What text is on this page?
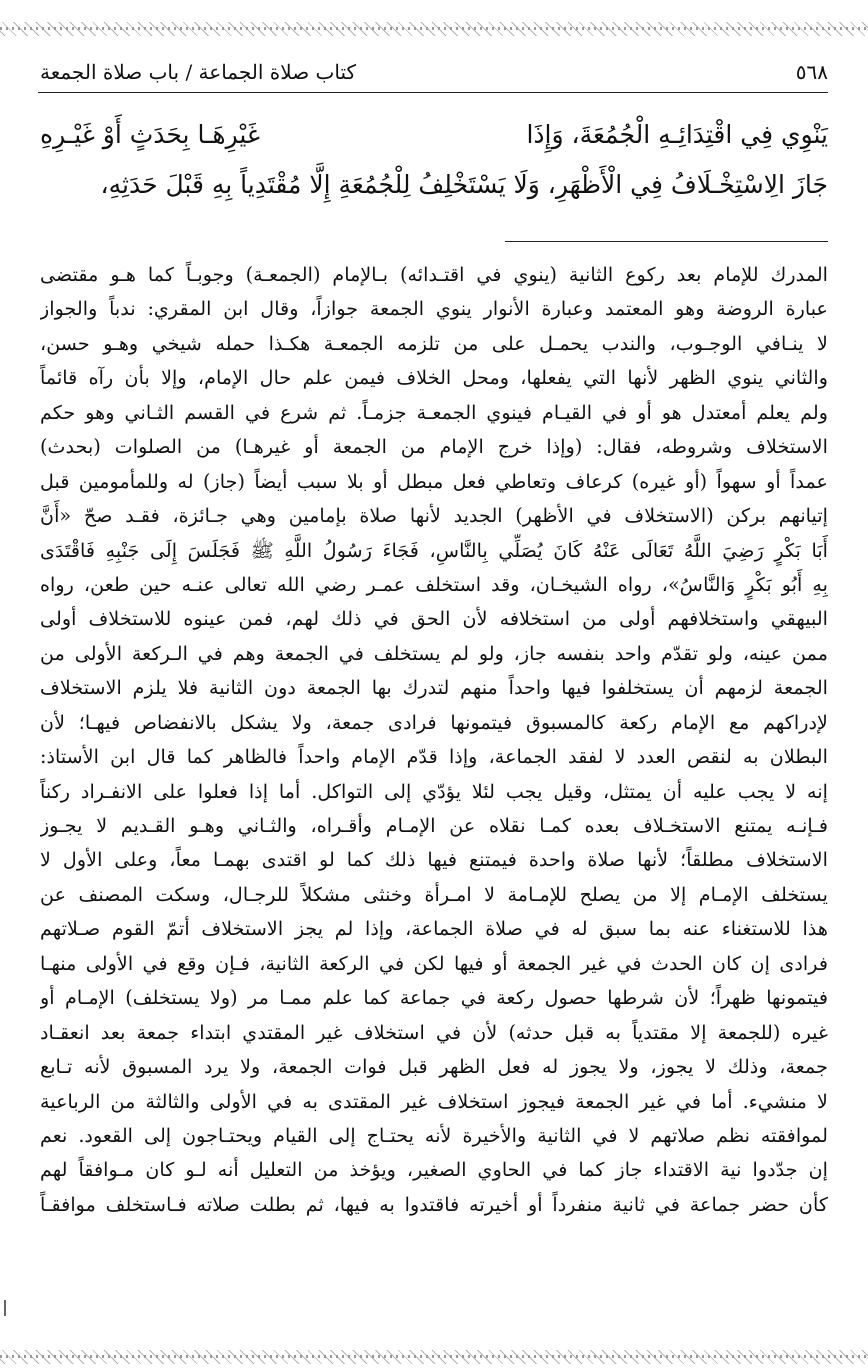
٥٦٨
كتاب صلاة الجماعة / باب صلاة الجمعة
يَنْوِي فِي اقْتِدَائِـهِ الْجُمُعَةَ، وَإِذَا
غَيْرِهَـا بِحَدَثٍ أَوْ غَيْـرِهِ
جَازَ الِاسْتِخْـلَافُ فِي الْأَظْهَرِ، وَلَا يَسْتَخْلِفُ لِلْجُمُعَةِ إِلَّا مُقْتَدِياً بِهِ قَبْلَ حَدَثِهِ،
المدرك للإمام بعد ركوع الثانية (ينوي في اقتـدائه) بـالإمام (الجمعـة) وجوبـاً كما هـو مقتضى
عبارة الروضة وهو المعتمد وعبارة الأنوار ينوي الجمعة جوازاً، وقال ابن المقري: ندباً والجواز
لا ينـافي الوجـوب، والندب يحمـل على من تلزمه الجمعـة هكـذا حمله شيخي وهـو حسن،
والثاني ينوي الظهر لأنها التي يفعلها، ومحل الخلاف فيمن علم حال الإمام، وإلا بأن رآه قائماً
ولم يعلم أمعتدل هو أو في القيـام فينوي الجمعـة جزمـاً. ثم شرع في القسم الثـاني وهو حكم
الاستخلاف وشروطه، فقال: (وإذا خرج الإمام من الجمعة أو غيرهـا) من الصلوات (بحدث)
عمداً أو سهواً (أو غيره) كرعاف وتعاطي فعل مبطل أو بلا سبب أيضاً (جاز) له وللمأمومين قبل
إتيانهم بركن (الاستخلاف في الأظهر) الجديد لأنها صلاة بإمامين وهي جـائزة، فقـد صحّ «أَنَّ
أَبَا بَكْرٍ رَضِيَ اللَّهُ تَعَالَى عَنْهُ كَانَ يُصَلِّي بِالنَّاسِ، فَجَاءَ رَسُولُ اللَّهِ ﷺ فَجَلَسَ إِلَى جَنْبِهِ فَاقْتَدَى
بِهِ أَبُو بَكْرٍ وَالنَّاسُ»، رواه الشيخـان، وقد استخلف عمـر رضي الله تعالى عنـه حين طعن، رواه
البيهقي واستخلافهم أولى من استخلافه لأن الحق في ذلك لهم، فمن عينوه للاستخلاف أولى
ممن عينه، ولو تقدّم واحد بنفسه جاز، ولو لم يستخلف في الجمعة وهم في الـركعة الأولى من
الجمعة لزمهم أن يستخلفوا فيها واحداً منهم لتدرك بها الجمعة دون الثانية فلا يلزم الاستخلاف
لإدراكهم مع الإمام ركعة كالمسبوق فيتمونها فرادى جمعة، ولا يشكل بالانفضاص فيهـا؛ لأن
البطلان به لنقص العدد لا لفقد الجماعة، وإذا قدّم الإمام واحداً فالظاهر كما قال ابن الأستاذ:
إنه لا يجب عليه أن يمتثل، وقيل يجب لئلا يؤدّي إلى التواكل. أما إذا فعلوا على الانفـراد ركناً
فـإنـه يمتنع الاستخـلاف بعده كمـا نقلاه عن الإمـام وأقـراه، والثـاني وهـو القـديم لا يجـوز
الاستخلاف مطلقاً؛ لأنها صلاة واحدة فيمتنع فيها ذلك كما لو اقتدى بهمـا معاً، وعلى الأول لا
يستخلف الإمـام إلا من يصلح للإمـامة لا امـرأة وخنثى مشكلاً للرجـال، وسكت المصنف عن
هذا للاستغناء عنه بما سبق له في صلاة الجماعة، وإذا لم يجز الاستخلاف أتمّ القوم صـلاتهم
فرادى إن كان الحدث في غير الجمعة أو فيها لكن في الركعة الثانية، فـإن وقع في الأولى منهـا
فيتمونها ظهراً؛ لأن شرطها حصول ركعة في جماعة كما علم ممـا مر (ولا يستخلف) الإمـام أو
غيره (للجمعة إلا مقتدياً به قبل حدثه) لأن في استخلاف غير المقتدي ابتداء جمعة بعد انعقـاد
جمعة، وذلك لا يجوز، ولا يجوز له فعل الظهر قبل فوات الجمعة، ولا يرد المسبوق لأنه تـابع
لا منشيء. أما في غير الجمعة فيجوز استخلاف غير المقتدى به في الأولى والثالثة من الرباعية
لموافقته نظم صلاتهم لا في الثانية والأخيرة لأنه يحتـاج إلى القيام ويحتـاجون إلى القعود. نعم
إن جدّدوا نية الاقتداء جاز كما في الحاوي الصغير، ويؤخذ من التعليل أنه لـو كان مـوافقاً لهم
كأن حضر جماعة في ثانية منفرداً أو أخيرته فاقتدوا به فيها، ثم بطلت صلاته فـاستخلف موافقـاً
